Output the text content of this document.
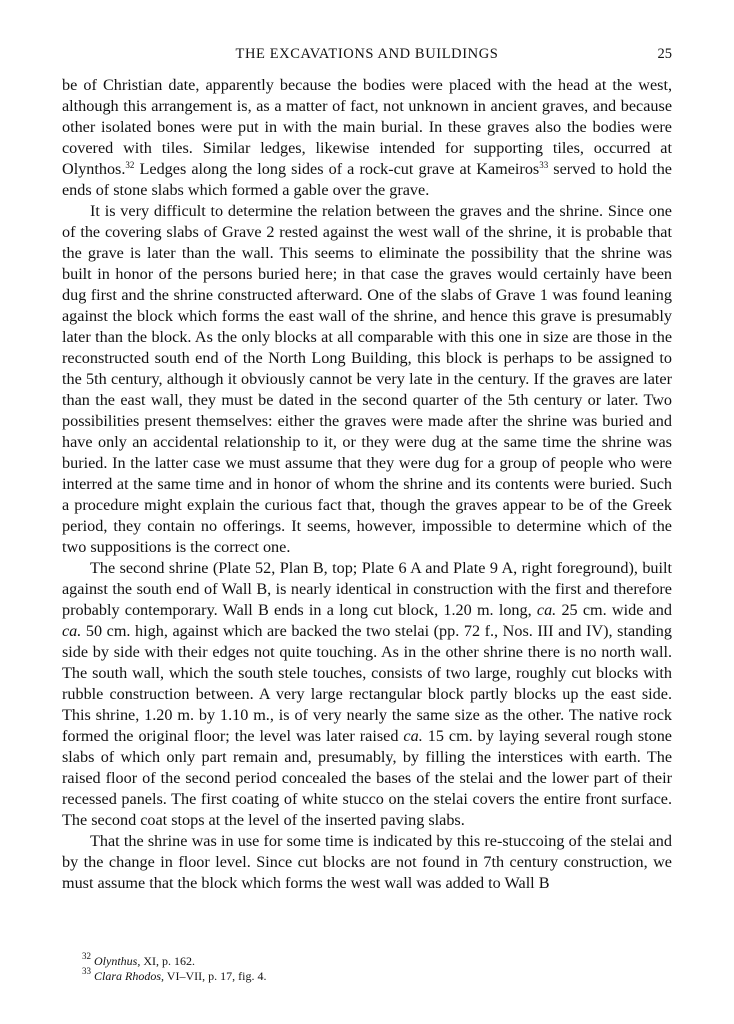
THE EXCAVATIONS AND BUILDINGS	25

be of Christian date, apparently because the bodies were placed with the head at the west, although this arrangement is, as a matter of fact, not unknown in ancient graves, and because other isolated bones were put in with the main burial. In these graves also the bodies were covered with tiles. Similar ledges, likewise intended for supporting tiles, occurred at Olynthos.$^{32}$ Ledges along the long sides of a rock-cut grave at Kameiros$^{33}$ served to hold the ends of stone slabs which formed a gable over the grave.

It is very difficult to determine the relation between the graves and the shrine. Since one of the covering slabs of Grave 2 rested against the west wall of the shrine, it is probable that the grave is later than the wall. This seems to eliminate the possibility that the shrine was built in honor of the persons buried here; in that case the graves would certainly have been dug first and the shrine constructed afterward. One of the slabs of Grave 1 was found leaning against the block which forms the east wall of the shrine, and hence this grave is presumably later than the block. As the only blocks at all comparable with this one in size are those in the reconstructed south end of the North Long Building, this block is perhaps to be assigned to the 5th century, although it obviously cannot be very late in the century. If the graves are later than the east wall, they must be dated in the second quarter of the 5th century or later. Two possibilities present themselves: either the graves were made after the shrine was buried and have only an accidental relationship to it, or they were dug at the same time the shrine was buried. In the latter case we must assume that they were dug for a group of people who were interred at the same time and in honor of whom the shrine and its contents were buried. Such a procedure might explain the curious fact that, though the graves appear to be of the Greek period, they contain no offerings. It seems, however, impossible to determine which of the two suppositions is the correct one.

The second shrine (Plate 52, Plan B, top; Plate 6 A and Plate 9 A, right foreground), built against the south end of Wall B, is nearly identical in construction with the first and therefore probably contemporary. Wall B ends in a long cut block, 1.20 m. long, ca. 25 cm. wide and ca. 50 cm. high, against which are backed the two stelai (pp. 72 f., Nos. III and IV), standing side by side with their edges not quite touching. As in the other shrine there is no north wall. The south wall, which the south stele touches, consists of two large, roughly cut blocks with rubble construction between. A very large rectangular block partly blocks up the east side. This shrine, 1.20 m. by 1.10 m., is of very nearly the same size as the other. The native rock formed the original floor; the level was later raised ca. 15 cm. by laying several rough stone slabs of which only part remain and, presumably, by filling the interstices with earth. The raised floor of the second period concealed the bases of the stelai and the lower part of their recessed panels. The first coating of white stucco on the stelai covers the entire front surface. The second coat stops at the level of the inserted paving slabs.

That the shrine was in use for some time is indicated by this re-stuccoing of the stelai and by the change in floor level. Since cut blocks are not found in 7th century construction, we must assume that the block which forms the west wall was added to Wall B

$^{32}$ Olynthus, XI, p. 162.

$^{33}$ Clara Rhodos, VI–VII, p. 17, fig. 4.
